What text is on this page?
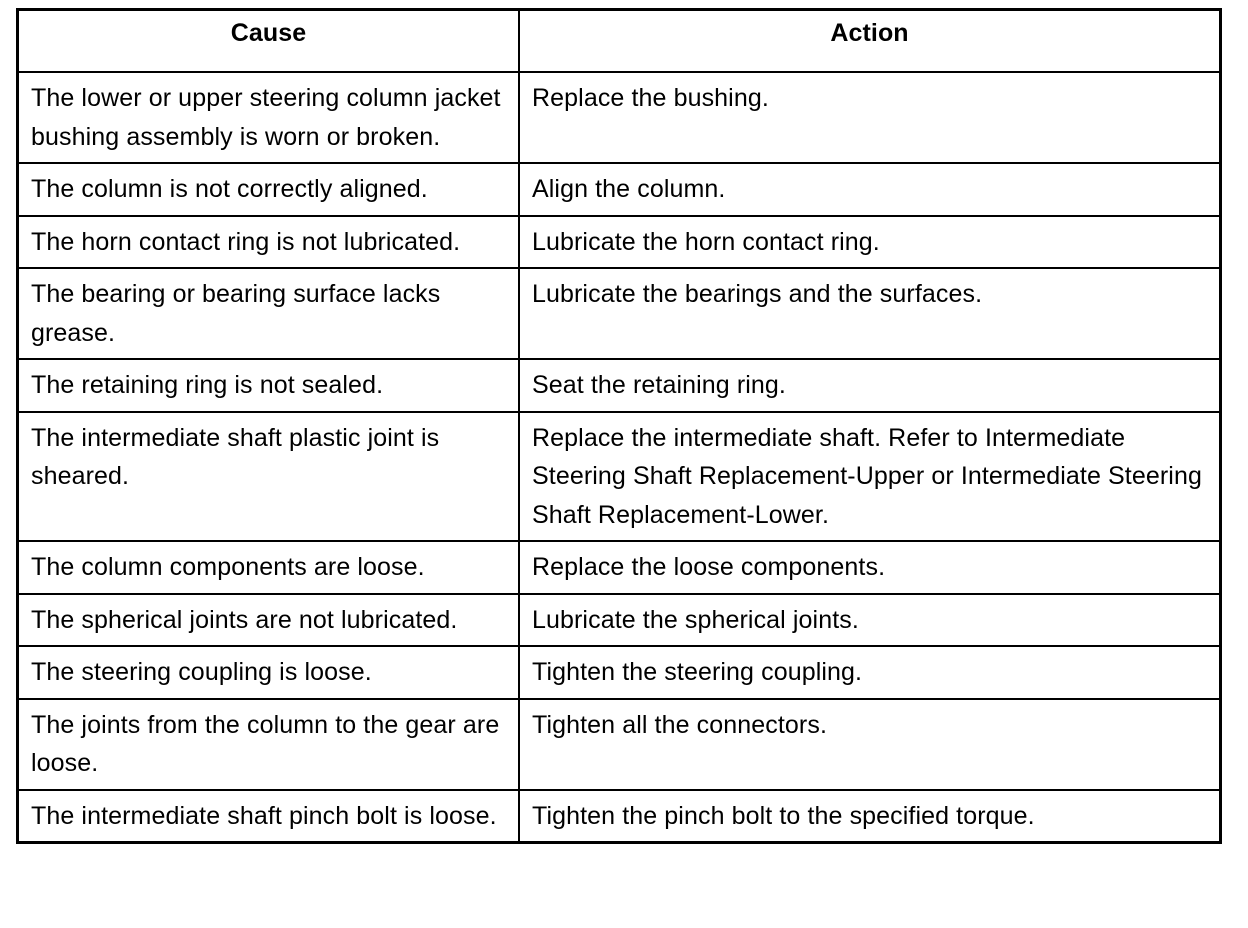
Cause	Action
The lower or upper steering column jacket bushing assembly is worn or broken.	Replace the bushing.
The column is not correctly aligned.	Align the column.
The horn contact ring is not lubricated.	Lubricate the horn contact ring.
The bearing or bearing surface lacks grease.	Lubricate the bearings and the surfaces.
The retaining ring is not sealed.	Seat the retaining ring.
The intermediate shaft plastic joint is sheared.	Replace the intermediate shaft. Refer to Intermediate Steering Shaft Replacement-Upper or Intermediate Steering Shaft Replacement-Lower.
The column components are loose.	Replace the loose components.
The spherical joints are not lubricated.	Lubricate the spherical joints.
The steering coupling is loose.	Tighten the steering coupling.
The joints from the column to the gear are loose.	Tighten all the connectors.
The intermediate shaft pinch bolt is loose.	Tighten the pinch bolt to the specified torque.
